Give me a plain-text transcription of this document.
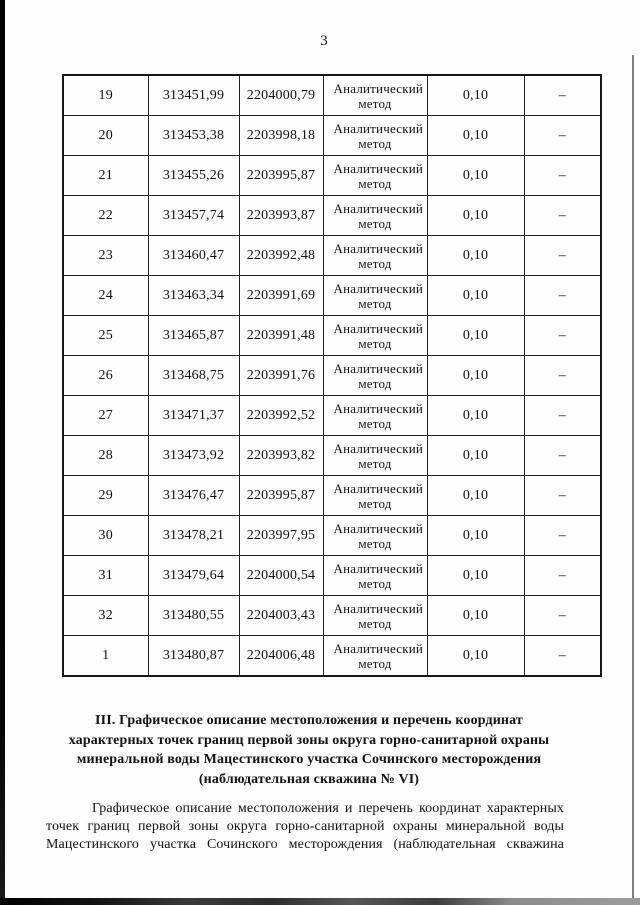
3
19	313451,99	2204000,79	Аналитический метод	0,10	–
20	313453,38	2203998,18	Аналитический метод	0,10	–
21	313455,26	2203995,87	Аналитический метод	0,10	–
22	313457,74	2203993,87	Аналитический метод	0,10	–
23	313460,47	2203992,48	Аналитический метод	0,10	–
24	313463,34	2203991,69	Аналитический метод	0,10	–
25	313465,87	2203991,48	Аналитический метод	0,10	–
26	313468,75	2203991,76	Аналитический метод	0,10	–
27	313471,37	2203992,52	Аналитический метод	0,10	–
28	313473,92	2203993,82	Аналитический метод	0,10	–
29	313476,47	2203995,87	Аналитический метод	0,10	–
30	313478,21	2203997,95	Аналитический метод	0,10	–
31	313479,64	2204000,54	Аналитический метод	0,10	–
32	313480,55	2204003,43	Аналитический метод	0,10	–
1	313480,87	2204006,48	Аналитический метод	0,10	–
III. Графическое описание местоположения и перечень координат
характерных точек границ первой зоны округа горно-санитарной охраны
минеральной воды Мацестинского участка Сочинского месторождения
(наблюдательная скважина № VI)
Графическое описание местоположения и перечень координат характерных
точек границ первой зоны округа горно-санитарной охраны минеральной воды
Мацестинского участка Сочинского месторождения (наблюдательная скважина
